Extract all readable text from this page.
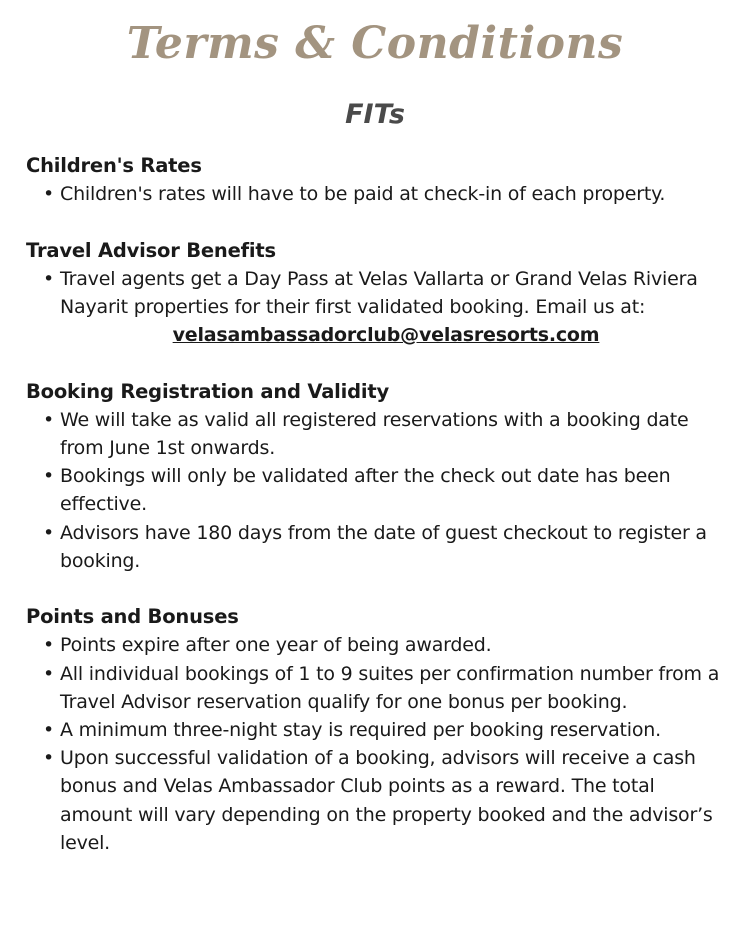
Terms & Conditions
FITs
Children's Rates
• Children's rates will have to be paid at check-in of each property.
Travel Advisor Benefits
• Travel agents get a Day Pass at Velas Vallarta or Grand Velas Riviera Nayarit properties for their first validated booking. Email us at:
velasambassadorclub@velasresorts.com
Booking Registration and Validity
• We will take as valid all registered reservations with a booking date from June 1st onwards.
• Bookings will only be validated after the check out date has been effective.
• Advisors have 180 days from the date of guest checkout to register a booking.
Points and Bonuses
• Points expire after one year of being awarded.
• All individual bookings of 1 to 9 suites per confirmation number from a Travel Advisor reservation qualify for one bonus per booking.
• A minimum three-night stay is required per booking reservation.
• Upon successful validation of a booking, advisors will receive a cash bonus and Velas Ambassador Club points as a reward. The total amount will vary depending on the property booked and the advisor’s level.
